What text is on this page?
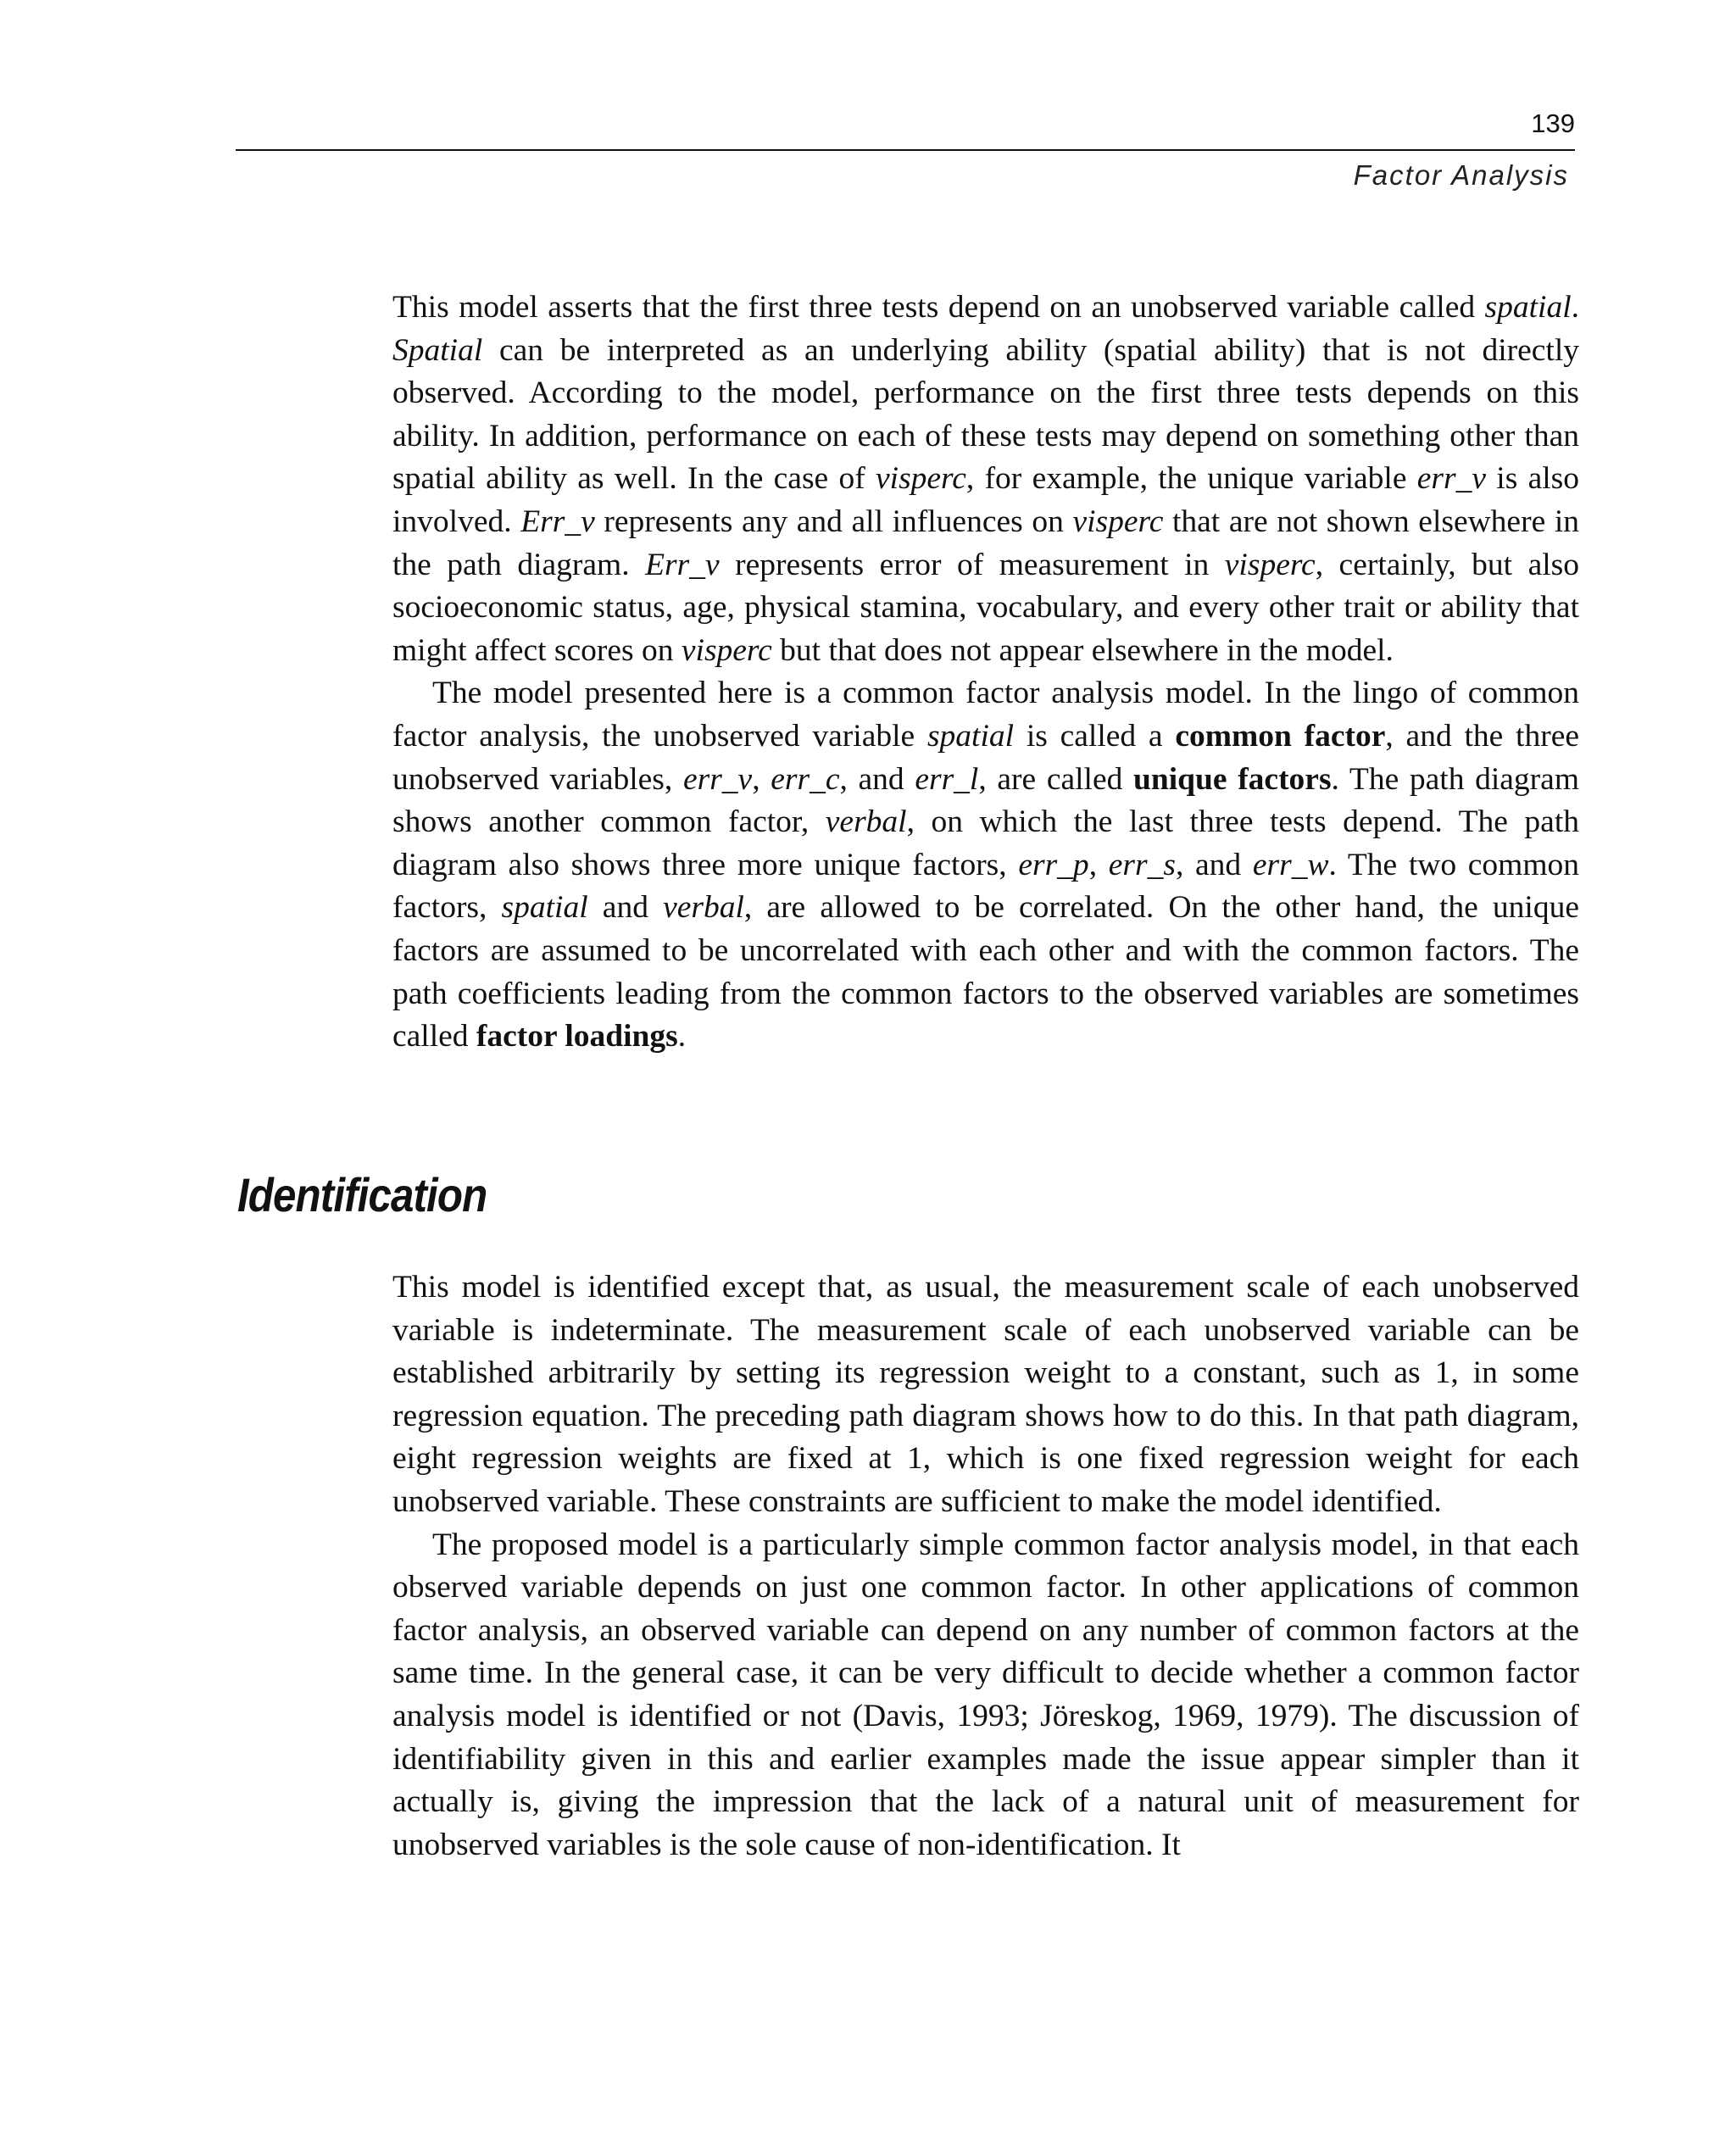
139
Factor Analysis

This model asserts that the first three tests depend on an unobserved variable called spatial. Spatial can be interpreted as an underlying ability (spatial ability) that is not directly observed. According to the model, performance on the first three tests depends on this ability. In addition, performance on each of these tests may depend on something other than spatial ability as well. In the case of visperc, for example, the unique variable err_v is also involved. Err_v represents any and all influences on visperc that are not shown elsewhere in the path diagram. Err_v represents error of measurement in visperc, certainly, but also socioeconomic status, age, physical stamina, vocabulary, and every other trait or ability that might affect scores on visperc but that does not appear elsewhere in the model.

The model presented here is a common factor analysis model. In the lingo of common factor analysis, the unobserved variable spatial is called a common factor, and the three unobserved variables, err_v, err_c, and err_l, are called unique factors. The path diagram shows another common factor, verbal, on which the last three tests depend. The path diagram also shows three more unique factors, err_p, err_s, and err_w. The two common factors, spatial and verbal, are allowed to be correlated. On the other hand, the unique factors are assumed to be uncorrelated with each other and with the common factors. The path coefficients leading from the common factors to the observed variables are sometimes called factor loadings.

Identification

This model is identified except that, as usual, the measurement scale of each unobserved variable is indeterminate. The measurement scale of each unobserved variable can be established arbitrarily by setting its regression weight to a constant, such as 1, in some regression equation. The preceding path diagram shows how to do this. In that path diagram, eight regression weights are fixed at 1, which is one fixed regression weight for each unobserved variable. These constraints are sufficient to make the model identified.

The proposed model is a particularly simple common factor analysis model, in that each observed variable depends on just one common factor. In other applications of common factor analysis, an observed variable can depend on any number of common factors at the same time. In the general case, it can be very difficult to decide whether a common factor analysis model is identified or not (Davis, 1993; Jöreskog, 1969, 1979). The discussion of identifiability given in this and earlier examples made the issue appear simpler than it actually is, giving the impression that the lack of a natural unit of measurement for unobserved variables is the sole cause of non-identification. It
